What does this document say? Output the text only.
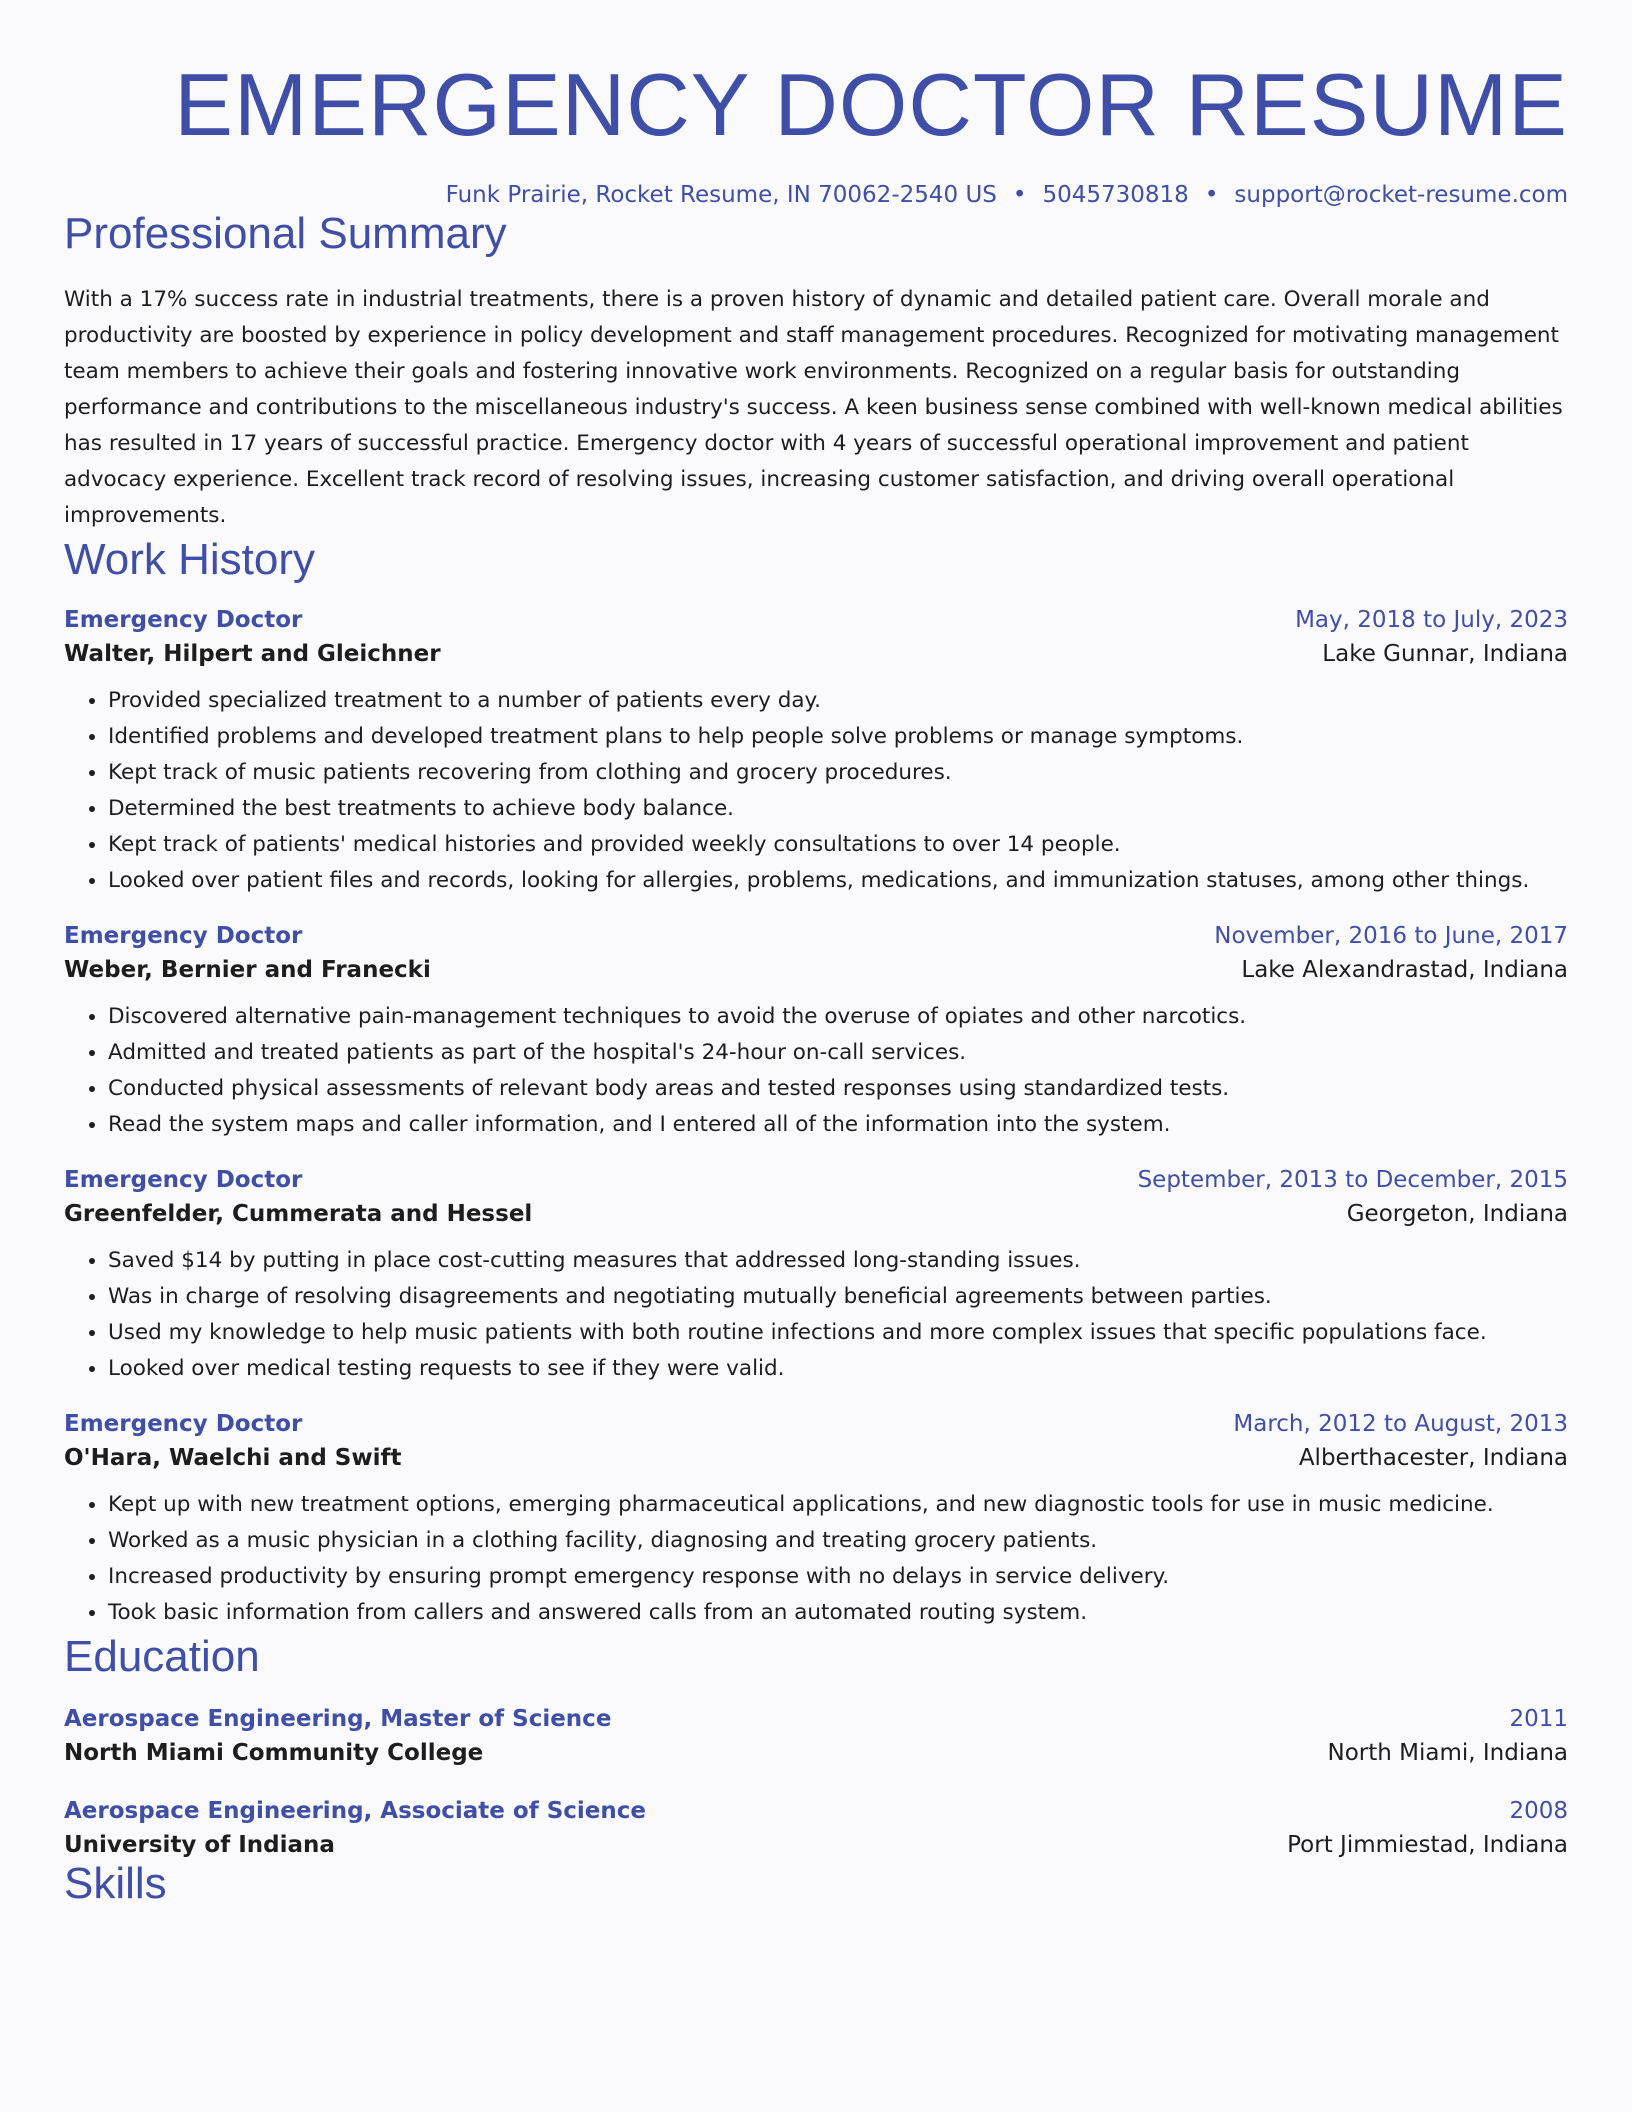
EMERGENCY DOCTOR RESUME
Funk Prairie, Rocket Resume, IN 70062-2540 US • 5045730818 • support@rocket-resume.com
Professional Summary

With a 17% success rate in industrial treatments, there is a proven history of dynamic and detailed patient care. Overall morale and productivity are boosted by experience in policy development and staff management procedures. Recognized for motivating management team members to achieve their goals and fostering innovative work environments. Recognized on a regular basis for outstanding performance and contributions to the miscellaneous industry's success. A keen business sense combined with well-known medical abilities has resulted in 17 years of successful practice. Emergency doctor with 4 years of successful operational improvement and patient advocacy experience. Excellent track record of resolving issues, increasing customer satisfaction, and driving overall operational improvements.

Work History
Emergency Doctor	May, 2018 to July, 2023
Walter, Hilpert and Gleichner	Lake Gunnar, Indiana
• Provided specialized treatment to a number of patients every day.
• Identified problems and developed treatment plans to help people solve problems or manage symptoms.
• Kept track of music patients recovering from clothing and grocery procedures.
• Determined the best treatments to achieve body balance.
• Kept track of patients' medical histories and provided weekly consultations to over 14 people.
• Looked over patient files and records, looking for allergies, problems, medications, and immunization statuses, among other things.
Emergency Doctor	November, 2016 to June, 2017
Weber, Bernier and Franecki	Lake Alexandrastad, Indiana
• Discovered alternative pain-management techniques to avoid the overuse of opiates and other narcotics.
• Admitted and treated patients as part of the hospital's 24-hour on-call services.
• Conducted physical assessments of relevant body areas and tested responses using standardized tests.
• Read the system maps and caller information, and I entered all of the information into the system.
Emergency Doctor	September, 2013 to December, 2015
Greenfelder, Cummerata and Hessel	Georgeton, Indiana
• Saved $14 by putting in place cost-cutting measures that addressed long-standing issues.
• Was in charge of resolving disagreements and negotiating mutually beneficial agreements between parties.
• Used my knowledge to help music patients with both routine infections and more complex issues that specific populations face.
• Looked over medical testing requests to see if they were valid.
Emergency Doctor	March, 2012 to August, 2013
O'Hara, Waelchi and Swift	Alberthacester, Indiana
• Kept up with new treatment options, emerging pharmaceutical applications, and new diagnostic tools for use in music medicine.
• Worked as a music physician in a clothing facility, diagnosing and treating grocery patients.
• Increased productivity by ensuring prompt emergency response with no delays in service delivery.
• Took basic information from callers and answered calls from an automated routing system.
Education
Aerospace Engineering, Master of Science	2011
North Miami Community College	North Miami, Indiana
Aerospace Engineering, Associate of Science	2008
University of Indiana	Port Jimmiestad, Indiana
Skills
